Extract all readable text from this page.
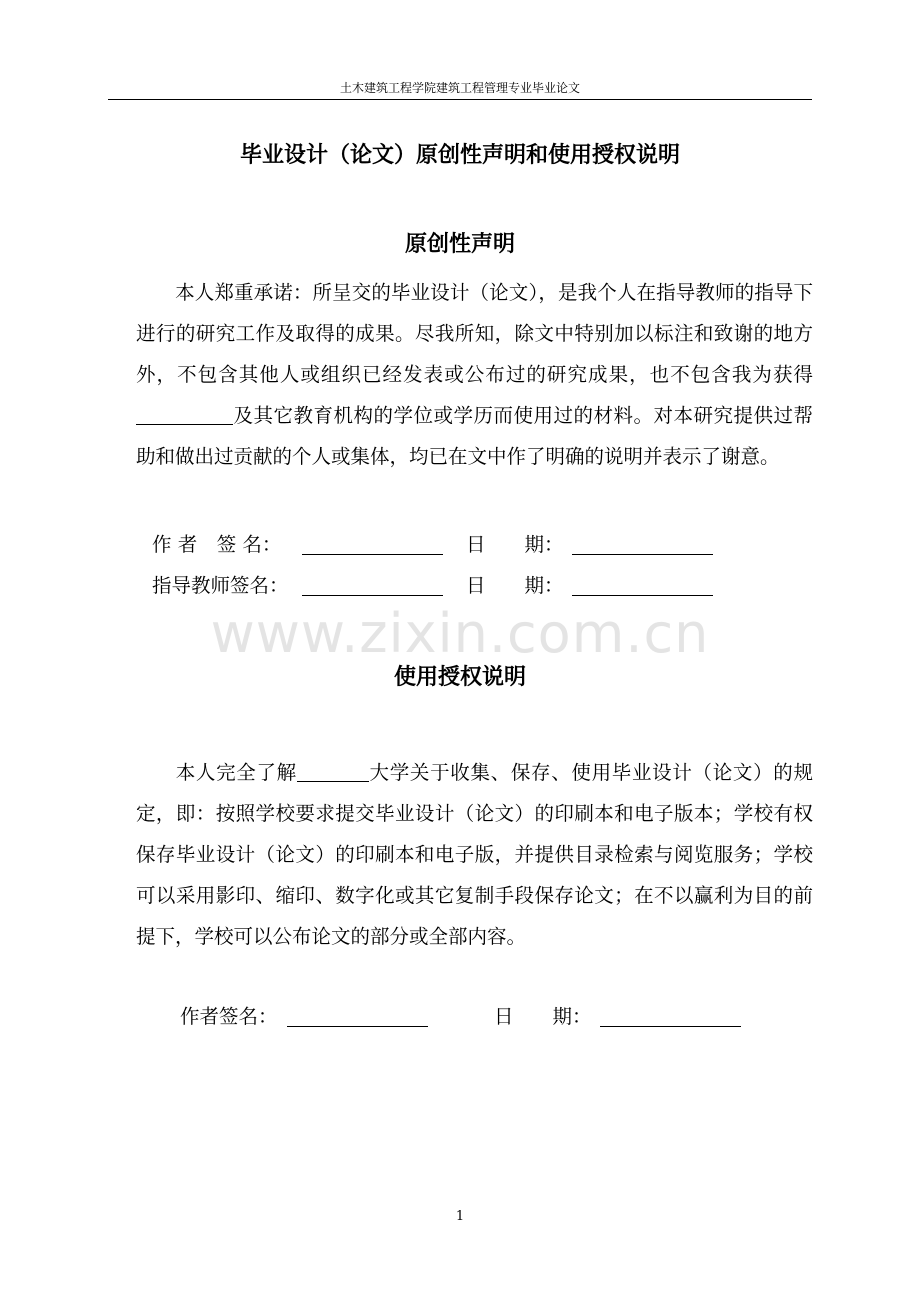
土木建筑工程学院建筑工程管理专业毕业论文
毕业设计（论文）原创性声明和使用授权说明
原创性声明

本人郑重承诺：所呈交的毕业设计（论文），是我个人在指导教师的指导下进行的研究工作及取得的成果。尽我所知，除文中特别加以标注和致谢的地方外，不包含其他人或组织已经发表或公布过的研究成果，也不包含我为获得及其它教育机构的学位或学历而使用过的材料。对本研究提供过帮助和做出过贡献的个人或集体，均已在文中作了明确的说明并表示了谢意。

作 者　签 名：	日　　期：
指导教师签名：	日　　期：
www.zixin.com.cn
使用授权说明

本人完全了解	大学关于收集、保存、使用毕业设计（论文）的规定，即：按照学校要求提交毕业设计（论文）的印刷本和电子版本；学校有权保存毕业设计（论文）的印刷本和电子版，并提供目录检索与阅览服务；学校可以采用影印、缩印、数字化或其它复制手段保存论文；在不以赢利为目的前提下，学校可以公布论文的部分或全部内容。

作者签名：	日　　期：
1
